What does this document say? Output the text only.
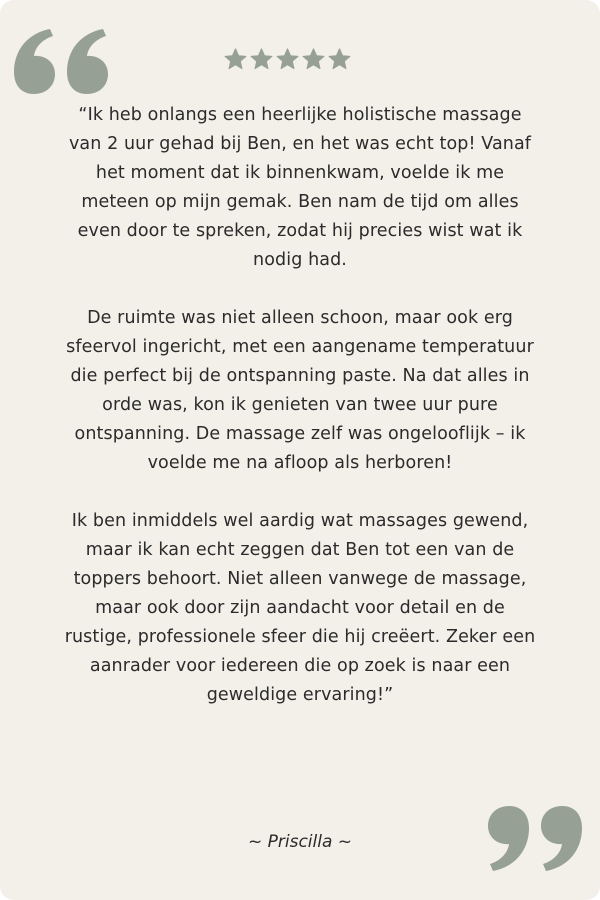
“Ik heb onlangs een heerlijke holistische massage van 2 uur gehad bij Ben, en het was echt top! Vanaf het moment dat ik binnenkwam, voelde ik me meteen op mijn gemak. Ben nam de tijd om alles even door te spreken, zodat hij precies wist wat ik nodig had.

De ruimte was niet alleen schoon, maar ook erg sfeervol ingericht, met een aangename temperatuur die perfect bij de ontspanning paste. Na dat alles in orde was, kon ik genieten van twee uur pure ontspanning. De massage zelf was ongelooflijk – ik voelde me na afloop als herboren!

Ik ben inmiddels wel aardig wat massages gewend, maar ik kan echt zeggen dat Ben tot een van de toppers behoort. Niet alleen vanwege de massage, maar ook door zijn aandacht voor detail en de rustige, professionele sfeer die hij creëert. Zeker een aanrader voor iedereen die op zoek is naar een geweldige ervaring!”

~ Priscilla ~
